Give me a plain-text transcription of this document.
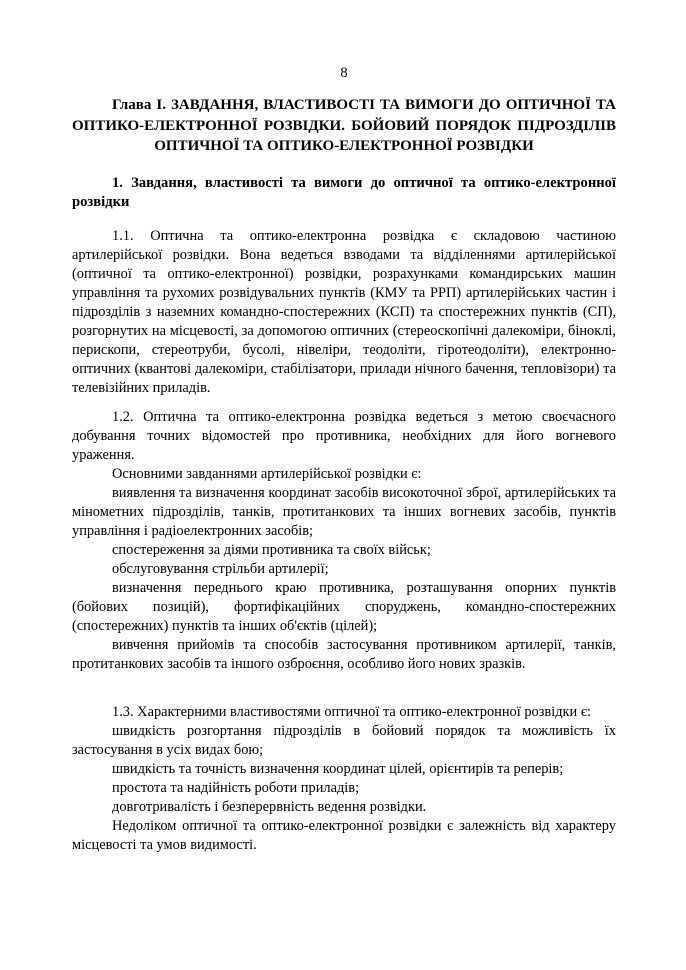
8
Глава I. ЗАВДАННЯ, ВЛАСТИВОСТІ ТА ВИМОГИ ДО ОПТИЧНОЇ ТА ОПТИКО-ЕЛЕКТРОННОЇ РОЗВІДКИ. БОЙОВИЙ ПОРЯДОК ПІДРОЗДІЛІВ ОПТИЧНОЇ ТА ОПТИКО-ЕЛЕКТРОННОЇ РОЗВІДКИ
1. Завдання, властивості та вимоги до оптичної та оптико-електронної розвідки

1.1. Оптична та оптико-електронна розвідка є складовою частиною артилерійської розвідки. Вона ведеться взводами та відділеннями артилерійської (оптичної та оптико-електронної) розвідки, розрахунками командирських машин управління та рухомих розвідувальних пунктів (КМУ та РРП) артилерійських частин і підрозділів з наземних командно-спостережних (КСП) та спостережних пунктів (СП), розгорнутих на місцевості, за допомогою оптичних (стереоскопічні далекоміри, біноклі, перископи, стереотруби, бусолі, нівеліри, теодоліти, гіротеодоліти), електронно-оптичних (квантові далекоміри, стабілізатори, прилади нічного бачення, тепловізори) та телевізійних приладів.

1.2. Оптична та оптико-електронна розвідка ведеться з метою своєчасного добування точних відомостей про противника, необхідних для його вогневого ураження.

Основними завданнями артилерійської розвідки є:

виявлення та визначення координат засобів високоточної зброї, артилерійських та мінометних підрозділів, танків, протитанкових та інших вогневих засобів, пунктів управління і радіоелектронних засобів;

спостереження за діями противника та своїх військ;

обслуговування стрільби артилерії;

визначення переднього краю противника, розташування опорних пунктів (бойових позицій), фортифікаційних споруджень, командно-спостережних (спостережних) пунктів та інших об'єктів (цілей);

вивчення прийомів та способів застосування противником артилерії, танків, протитанкових засобів та іншого озброєння, особливо його нових зразків.

1.3. Характерними властивостями оптичної та оптико-електронної розвідки є:

швидкість розгортання підрозділів в бойовий порядок та можливість їх застосування в усіх видах бою;

швидкість та точність визначення координат цілей, орієнтирів та реперів;

простота та надійність роботи приладів;

довготривалість і безперервність ведення розвідки.

Недоліком оптичної та оптико-електронної розвідки є залежність від характеру місцевості та умов видимості.
